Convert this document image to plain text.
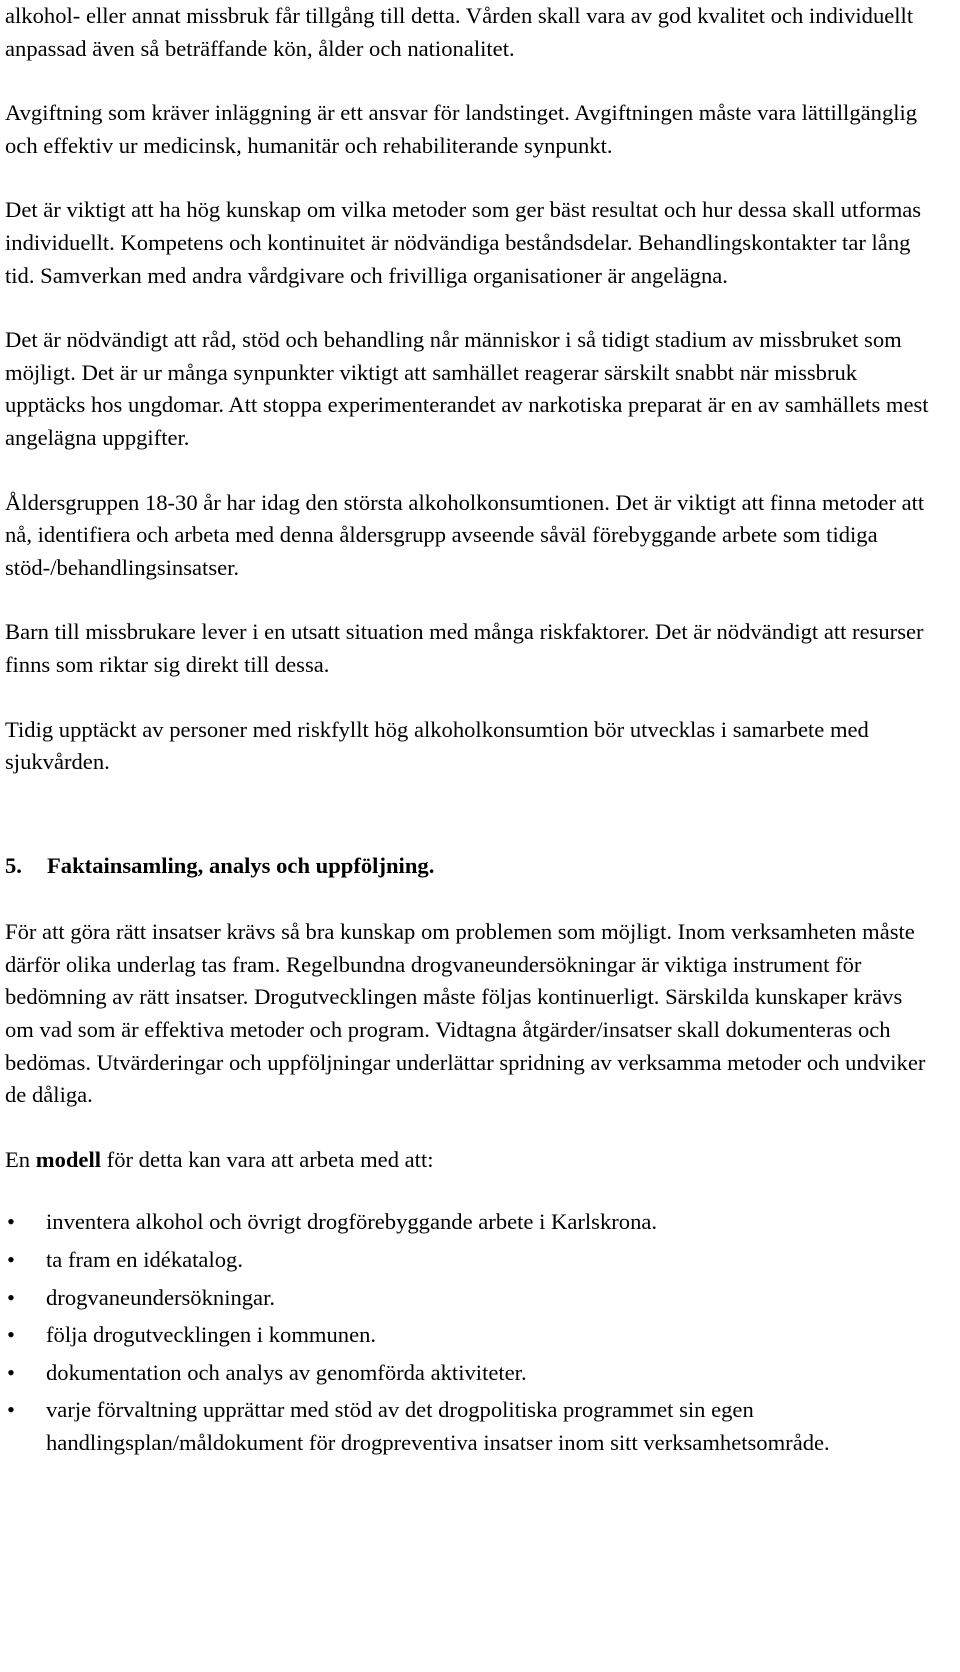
alkohol- eller annat missbruk får tillgång till detta. Vården skall vara av god kvalitet och individuellt anpassad även så beträffande kön, ålder och nationalitet.

Avgiftning som kräver inläggning är ett ansvar för landstinget. Avgiftningen måste vara lättillgänglig och effektiv ur medicinsk, humanitär och rehabiliterande synpunkt.

Det är viktigt att ha hög kunskap om vilka metoder som ger bäst resultat och hur dessa skall utformas individuellt. Kompetens och kontinuitet är nödvändiga beståndsdelar. Behandlingskontakter tar lång tid. Samverkan med andra vårdgivare och frivilliga organisationer är angelägna.

Det är nödvändigt att råd, stöd och behandling når människor i så tidigt stadium av missbruket som möjligt. Det är ur många synpunkter viktigt att samhället reagerar särskilt snabbt när missbruk upptäcks hos ungdomar. Att stoppa experimenterandet av narkotiska preparat är en av samhällets mest angelägna uppgifter.

Åldersgruppen 18-30 år har idag den största alkoholkonsumtionen. Det är viktigt att finna metoder att nå, identifiera och arbeta med denna åldersgrupp avseende såväl förebyggande arbete som tidiga stöd-/behandlingsinsatser.

Barn till missbrukare lever i en utsatt situation med många riskfaktorer. Det är nödvändigt att resurser finns som riktar sig direkt till dessa.

Tidig upptäckt av personer med riskfyllt hög alkoholkonsumtion bör utvecklas i samarbete med sjukvården.

5. Faktainsamling, analys och uppföljning.

För att göra rätt insatser krävs så bra kunskap om problemen som möjligt. Inom verksamheten måste därför olika underlag tas fram. Regelbundna drogvaneundersökningar är viktiga instrument för bedömning av rätt insatser. Drogutvecklingen måste följas kontinuerligt. Särskilda kunskaper krävs om vad som är effektiva metoder och program. Vidtagna åtgärder/insatser skall dokumenteras och bedömas. Utvärderingar och uppföljningar underlättar spridning av verksamma metoder och undviker de dåliga.

En modell för detta kan vara att arbeta med att:

• inventera alkohol och övrigt drogförebyggande arbete i Karlskrona.
• ta fram en idékatalog.
• drogvaneundersökningar.
• följa drogutvecklingen i kommunen.
• dokumentation och analys av genomförda aktiviteter.
• varje förvaltning upprättar med stöd av det drogpolitiska programmet sin egen handlingsplan/måldokument för drogpreventiva insatser inom sitt verksamhetsområde.
